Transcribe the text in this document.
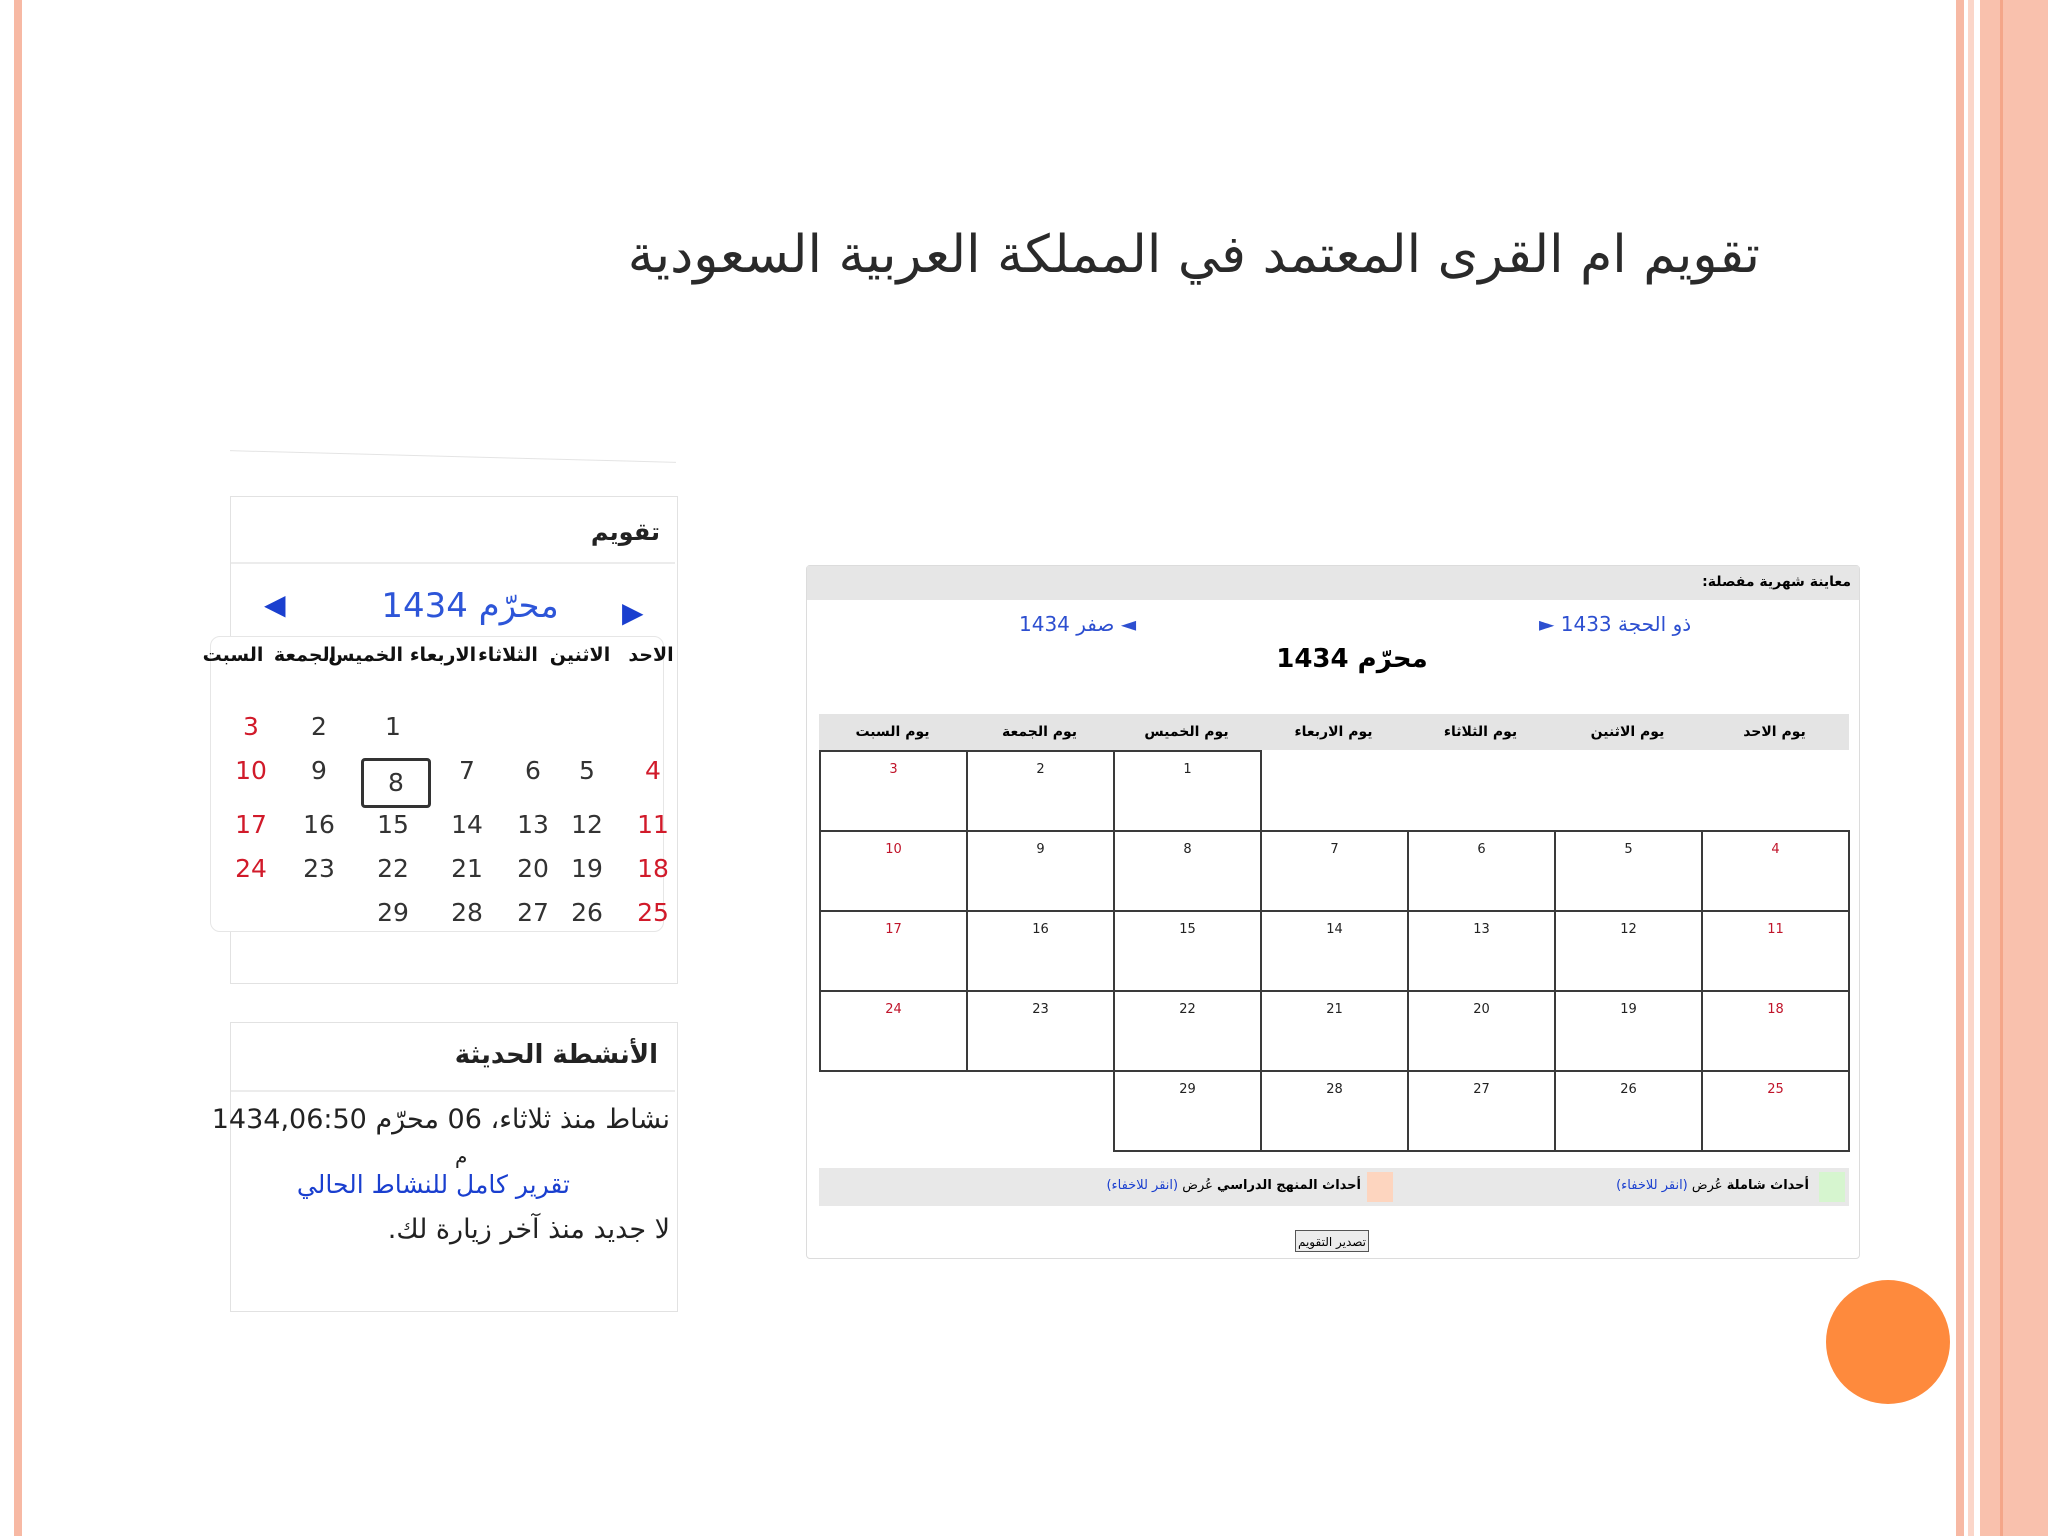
تقويم ام القرى المعتمد في المملكة العربية السعودية
تقويم
◀	محرّم 1434 ▶
الاحد
الاثنين
الثلاثاء
الاربعاء
الخميس
الجمعة
السبت
1
2
3
4
5
6
7
8
9
10
11
12
13
14
15
16
17
18
19
20
21
22
23
24
25
26
27
28
29
الأنشطة الحديثة
نشاط منذ ثلاثاء، 06 محرّم 1434,06:50
م
تقرير كامل للنشاط الحالي
لا جديد منذ آخر زيارة لك.
معاينة شهرية مفصلة:
◄ صفر 1434	ذو الحجة 1433 ►
محرّم 1434
يوم الاحد
يوم الاثنين
يوم الثلاثاء
يوم الاربعاء
يوم الخميس
يوم الجمعة
يوم السبت
1
2
3
4
5
6
7
8
9
10
11
12
13
14
15
16
17
18
19
20
21
22
23
24
25
26
27
28
29
أحداث شاملة عُرض (انقر للاخفاء)
أحداث المنهج الدراسي عُرض (انقر للاخفاء)
تصدير التقويم
